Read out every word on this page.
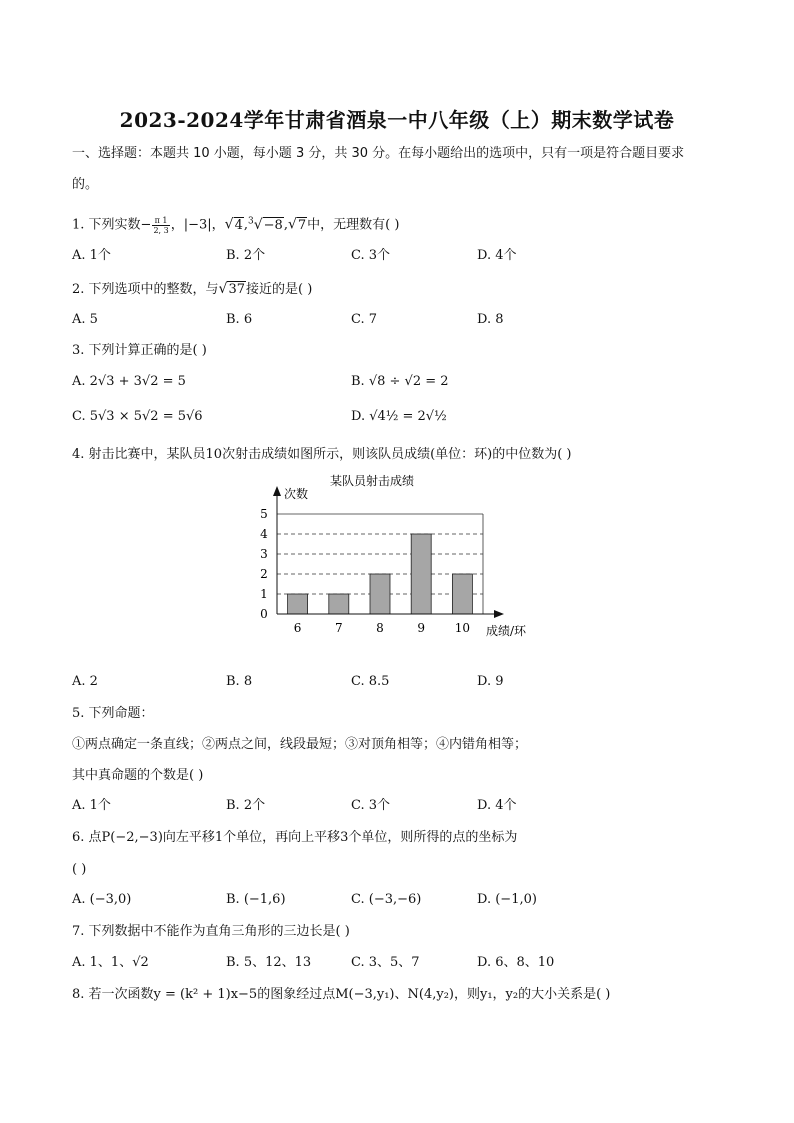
2023-2024学年甘肃省酒泉一中八年级（上）期末数学试卷
一、选择题：本题共 10 小题，每小题 3 分，共 30 分。在每小题给出的选项中，只有一项是符合题目要求
的。
1. 下列实数− $\frac{\pi 1}{2, 3}$ ，|−3|，√4,$^3$√−8,√7中，无理数有( )
A. 1个	B. 2个	C. 3个	D. 4个
2. 下列选项中的整数，与√37接近的是( )
A. 5	B. 6	C. 7	D. 8
3. 下列计算正确的是( )
A. 2√3 + 3√2 = 5	B. √8 ÷ √2 = 2
C. 5√3 × 5√2 = 5√6	D. √4½ = 2√½
4. 射击比赛中，某队员10次射击成绩如图所示，则该队员成绩(单位：环)的中位数为( )
某队员射击成绩
次数
成绩/环
6	7	8	9 10
0
1
2
3
4
5
A. 2	B. 8	C. 8.5	D. 9
5. 下列命题：
①两点确定一条直线；②两点之间，线段最短；③对顶角相等；④内错角相等；
其中真命题的个数是( )
A. 1个	B. 2个	C. 3个	D. 4个
6. 点P(−2,−3)向左平移1个单位，再向上平移3个单位，则所得的点的坐标为
( )
A. (−3,0)	B. (−1,6)	C. (−3,−6)	D. (−1,0)
7. 下列数据中不能作为直角三角形的三边长是( )
A. 1、1、√2	B. 5、12、13	C. 3、5、7	D. 6、8、10
8. 若一次函数y = (k² + 1)x−5的图象经过点M(−3,y₁)、N(4,y₂)，则y₁，y₂的大小关系是( )
